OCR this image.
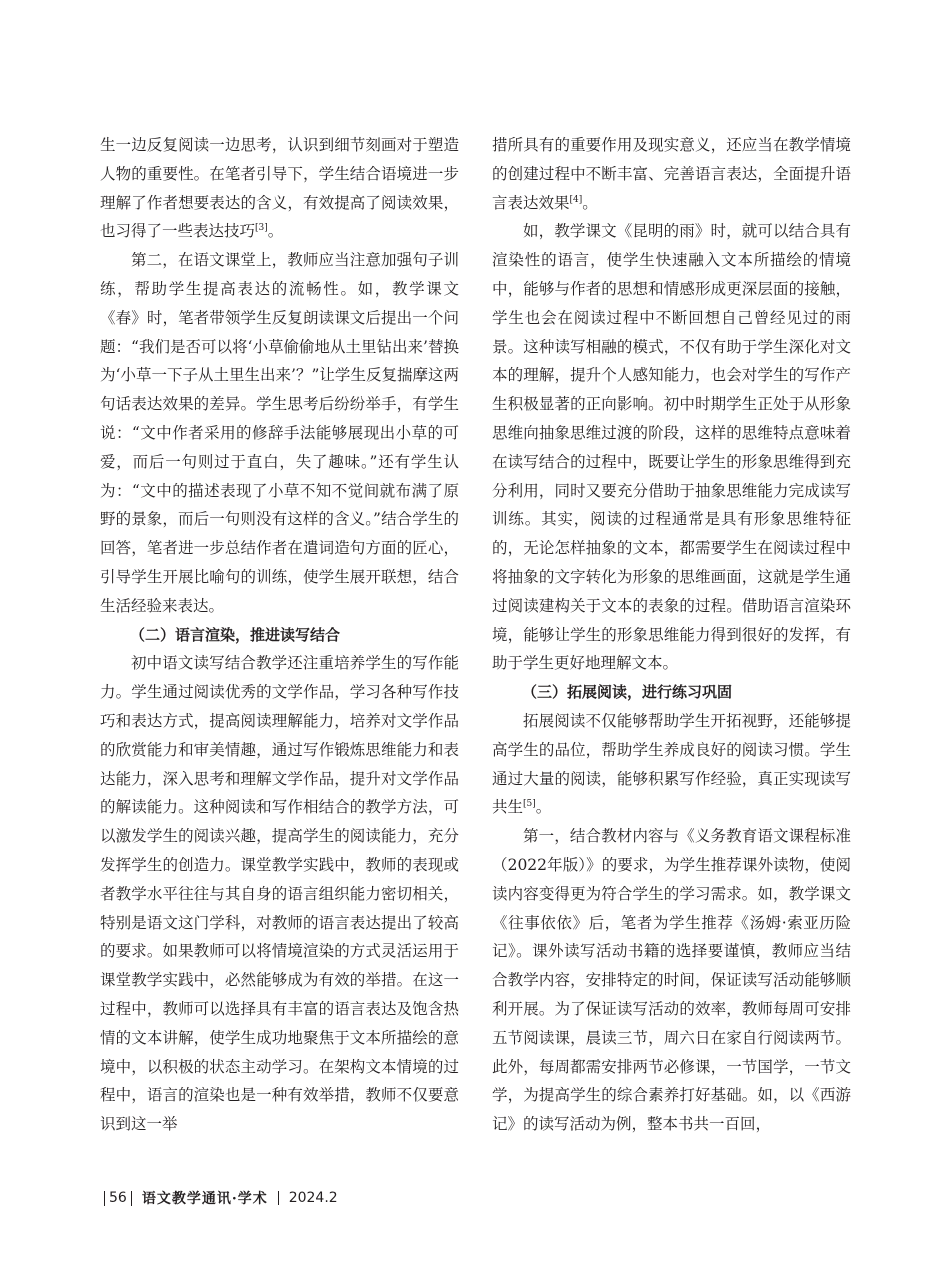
生一边反复阅读一边思考，认识到细节刻画对于塑造人物的重要性。在笔者引导下，学生结合语境进一步理解了作者想要表达的含义，有效提高了阅读效果，也习得了一些表达技巧[3]。

第二，在语文课堂上，教师应当注意加强句子训练，帮助学生提高表达的流畅性。如，教学课文《春》时，笔者带领学生反复朗读课文后提出一个问题：“我们是否可以将‘小草偷偷地从土里钻出来’替换为‘小草一下子从土里生出来’？”让学生反复揣摩这两句话表达效果的差异。学生思考后纷纷举手，有学生说：“文中作者采用的修辞手法能够展现出小草的可爱，而后一句则过于直白，失了趣味。”还有学生认为：“文中的描述表现了小草不知不觉间就布满了原野的景象，而后一句则没有这样的含义。”结合学生的回答，笔者进一步总结作者在遣词造句方面的匠心，引导学生开展比喻句的训练，使学生展开联想，结合生活经验来表达。

（二）语言渲染，推进读写结合

初中语文读写结合教学还注重培养学生的写作能力。学生通过阅读优秀的文学作品，学习各种写作技巧和表达方式，提高阅读理解能力，培养对文学作品的欣赏能力和审美情趣，通过写作锻炼思维能力和表达能力，深入思考和理解文学作品，提升对文学作品的解读能力。这种阅读和写作相结合的教学方法，可以激发学生的阅读兴趣，提高学生的阅读能力，充分发挥学生的创造力。课堂教学实践中，教师的表现或者教学水平往往与其自身的语言组织能力密切相关，特别是语文这门学科，对教师的语言表达提出了较高的要求。如果教师可以将情境渲染的方式灵活运用于课堂教学实践中，必然能够成为有效的举措。在这一过程中，教师可以选择具有丰富的语言表达及饱含热情的文本讲解，使学生成功地聚焦于文本所描绘的意境中，以积极的状态主动学习。在架构文本情境的过程中，语言的渲染也是一种有效举措，教师不仅要意识到这一举

措所具有的重要作用及现实意义，还应当在教学情境的创建过程中不断丰富、完善语言表达，全面提升语言表达效果[4]。

如，教学课文《昆明的雨》时，就可以结合具有渲染性的语言，使学生快速融入文本所描绘的情境中，能够与作者的思想和情感形成更深层面的接触，学生也会在阅读过程中不断回想自己曾经见过的雨景。这种读写相融的模式，不仅有助于学生深化对文本的理解，提升个人感知能力，也会对学生的写作产生积极显著的正向影响。初中时期学生正处于从形象思维向抽象思维过渡的阶段，这样的思维特点意味着在读写结合的过程中，既要让学生的形象思维得到充分利用，同时又要充分借助于抽象思维能力完成读写训练。其实，阅读的过程通常是具有形象思维特征的，无论怎样抽象的文本，都需要学生在阅读过程中将抽象的文字转化为形象的思维画面，这就是学生通过阅读建构关于文本的表象的过程。借助语言渲染环境，能够让学生的形象思维能力得到很好的发挥，有助于学生更好地理解文本。

（三）拓展阅读，进行练习巩固

拓展阅读不仅能够帮助学生开拓视野，还能够提高学生的品位，帮助学生养成良好的阅读习惯。学生通过大量的阅读，能够积累写作经验，真正实现读写共生[5]。

第一，结合教材内容与《义务教育语文课程标准（2022年版）》的要求，为学生推荐课外读物，使阅读内容变得更为符合学生的学习需求。如，教学课文《往事依依》后，笔者为学生推荐《汤姆·索亚历险记》。课外读写活动书籍的选择要谨慎，教师应当结合教学内容，安排特定的时间，保证读写活动能够顺利开展。为了保证读写活动的效率，教师每周可安排五节阅读课，晨读三节，周六日在家自行阅读两节。此外，每周都需安排两节必修课，一节国学，一节文学，为提高学生的综合素养打好基础。如，以《西游记》的读写活动为例，整本书共一百回，

56 语文教学通讯·学术 2024.2
